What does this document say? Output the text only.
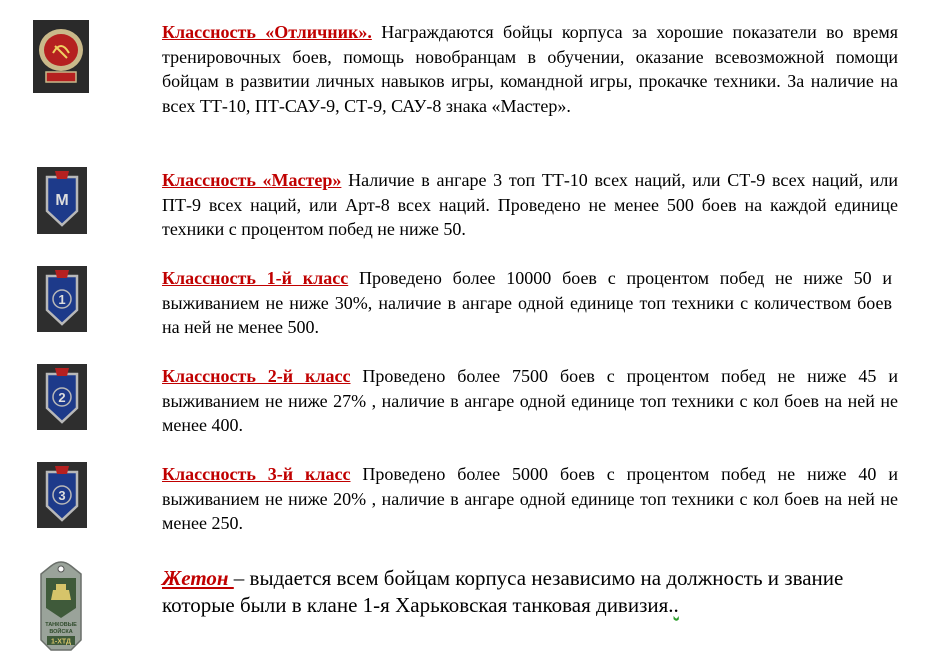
М
1
2
3
ТАНКОВЫЕ
ВОЙСКА
1-ХТД

Классность «Отличник». Награждаются бойцы корпуса за хорошие показатели во время тренировочных боев, помощь новобранцам в обучении, оказание всевозможной помощи бойцам в развитии личных навыков игры, командной игры, прокачке техники. За наличие на всех ТТ-10, ПТ-САУ-9, СТ-9, САУ-8 знака «Мастер».

Классность «Мастер» Наличие в ангаре 3 топ ТТ-10 всех наций, или СТ-9 всех наций, или ПТ-9 всех наций, или Арт-8 всех наций. Проведено не менее 500 боев на каждой единице техники с процентом побед не ниже 50.

Классность 1-й класс Проведено более 10000 боев с процентом побед не ниже 50 и выживанием не ниже 30%, наличие в ангаре одной единице топ техники с количеством боев на ней не менее 500.

Классность 2-й класс Проведено более 7500 боев с процентом побед не ниже 45 и выживанием не ниже 27% , наличие в ангаре одной единице топ техники с кол боев на ней не менее 400.

Классность 3-й класс Проведено более 5000 боев с процентом побед не ниже 40 и выживанием не ниже 20% , наличие в ангаре одной единице топ техники с кол боев на ней не менее 250.

Жетон – выдается всем бойцам корпуса независимо на должность и звание которые были в клане 1-я Харьковская танковая дивизия..
